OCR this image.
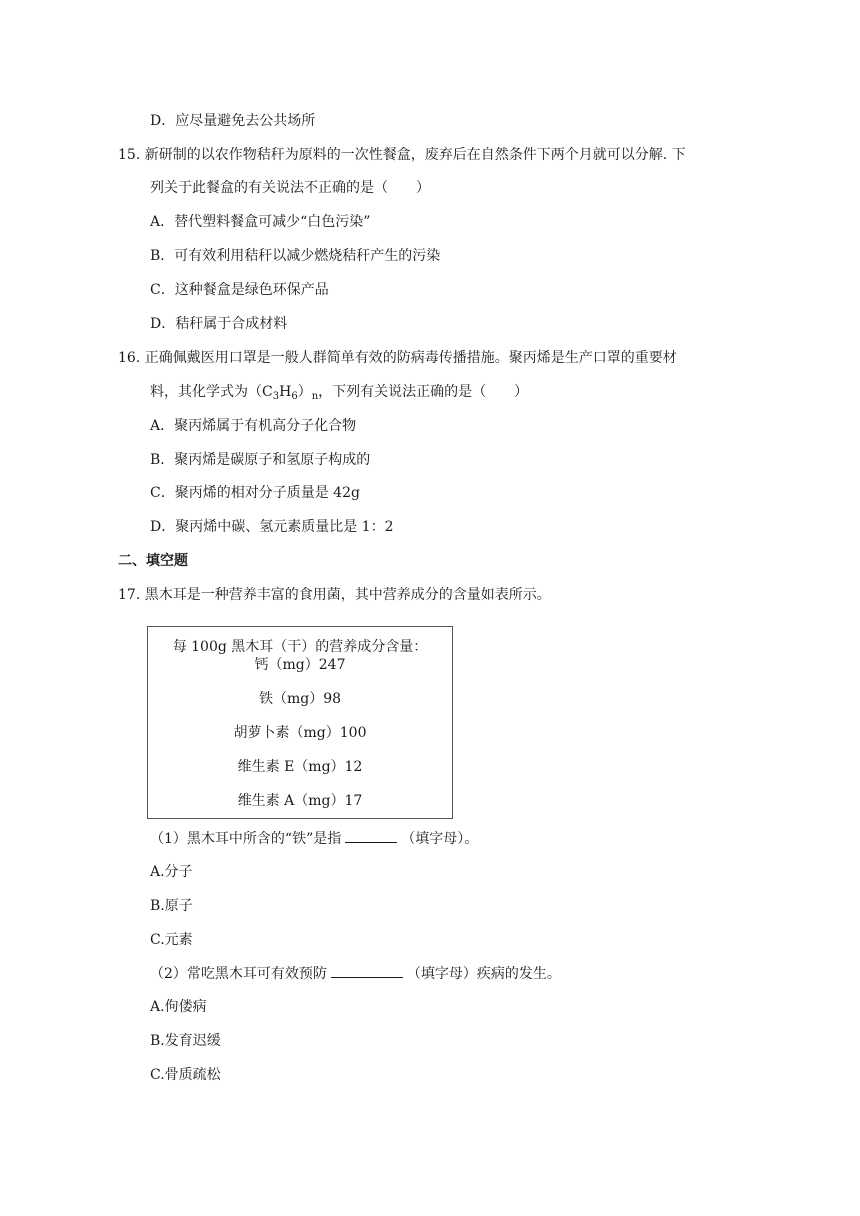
D．应尽量避免去公共场所
15. 新研制的以农作物秸秆为原料的一次性餐盒，废弃后在自然条件下两个月就可以分解. 下
列关于此餐盒的有关说法不正确的是（　　）
A．替代塑料餐盒可减少“白色污染”
B．可有效利用秸秆以减少燃烧秸秆产生的污染
C．这种餐盒是绿色环保产品
D．秸秆属于合成材料
16. 正确佩戴医用口罩是一般人群简单有效的防病毒传播措施。聚丙烯是生产口罩的重要材
料，其化学式为$(C_3H_6)_n$，下列有关说法正确的是（　　）
A．聚丙烯属于有机高分子化合物
B．聚丙烯是碳原子和氢原子构成的
C．聚丙烯的相对分子质量是 42g
D．聚丙烯中碳、氢元素质量比是 1：2
二、填空题
17. 黑木耳是一种营养丰富的食用菌，其中营养成分的含量如表所示。
每 100g 黑木耳（干）的营养成分含量：
钙（mg）247
铁（mg）98
胡萝卜素（mg）100
维生素 E（mg）12
维生素 A（mg）17
（1）黑木耳中所含的“铁”是指	（填字母）。
A.分子
B.原子
C.元素
（2）常吃黑木耳可有效预防	（填字母）疾病的发生。
A.佝偻病
B.发育迟缓
C.骨质疏松
